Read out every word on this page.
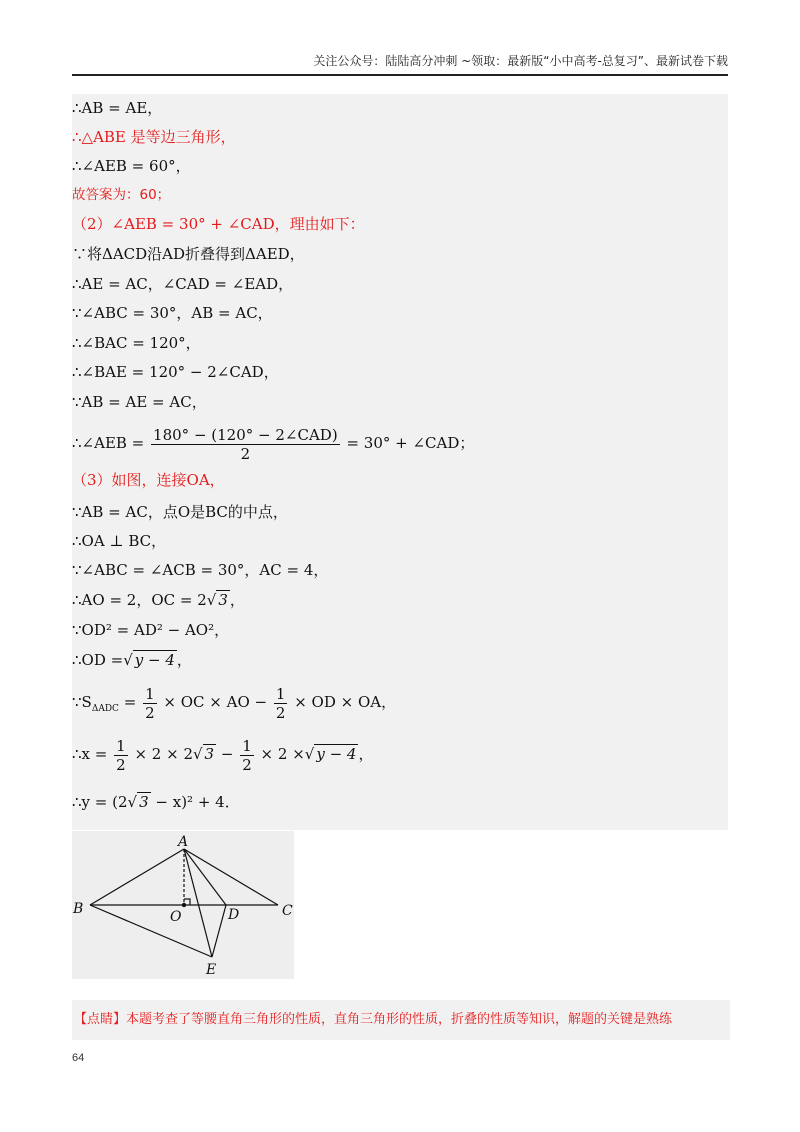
关注公众号：陆陆高分冲刺 ~领取：最新版“小中高考-总复习”、最新试卷下载
∴AB = AE，
∴△ABE 是等边三角形，
∴∠AEB = 60°，
故答案为：60；
（2）∠AEB = 30° + ∠CAD，理由如下：
∵将ΔACD沿AD折叠得到ΔAED，
∴AE = AC，∠CAD = ∠EAD，
∵∠ABC = 30°，AB = AC，
∴∠BAC = 120°，
∴∠BAE = 120° − 2∠CAD，
∵AB = AE = AC，
∴∠AEB = $\frac{\text{180° − (120° − 2∠CAD)}}{2} = 30^\circ$ + ∠CAD；
（3）如图，连接OA，
∵AB = AC，点O是BC的中点，
∴OA ⊥ BC，
∵∠ABC = ∠ACB = 30°，AC = 4，
∴AO = 2，OC = 2√ 3 ，
∵OD² = AD² − AO²，
∴OD =√ y − 4 ，
$\because S_{\Delta ADC} = \frac{1}{2}$ × OC × AO − $\frac{1}{2}$ × OD × OA，
∴x = $\frac{1}{2} \times 2 \times 2√$ $3 - \frac{1}{2} \times 2$ ×√ y − 4 ，
∴y = (2√ 3 − x)² + 4．
A
B	O	D	C
E
【点睛】本题考查了等腰直角三角形的性质，直角三角形的性质，折叠的性质等知识，解题的关键是熟练
64
